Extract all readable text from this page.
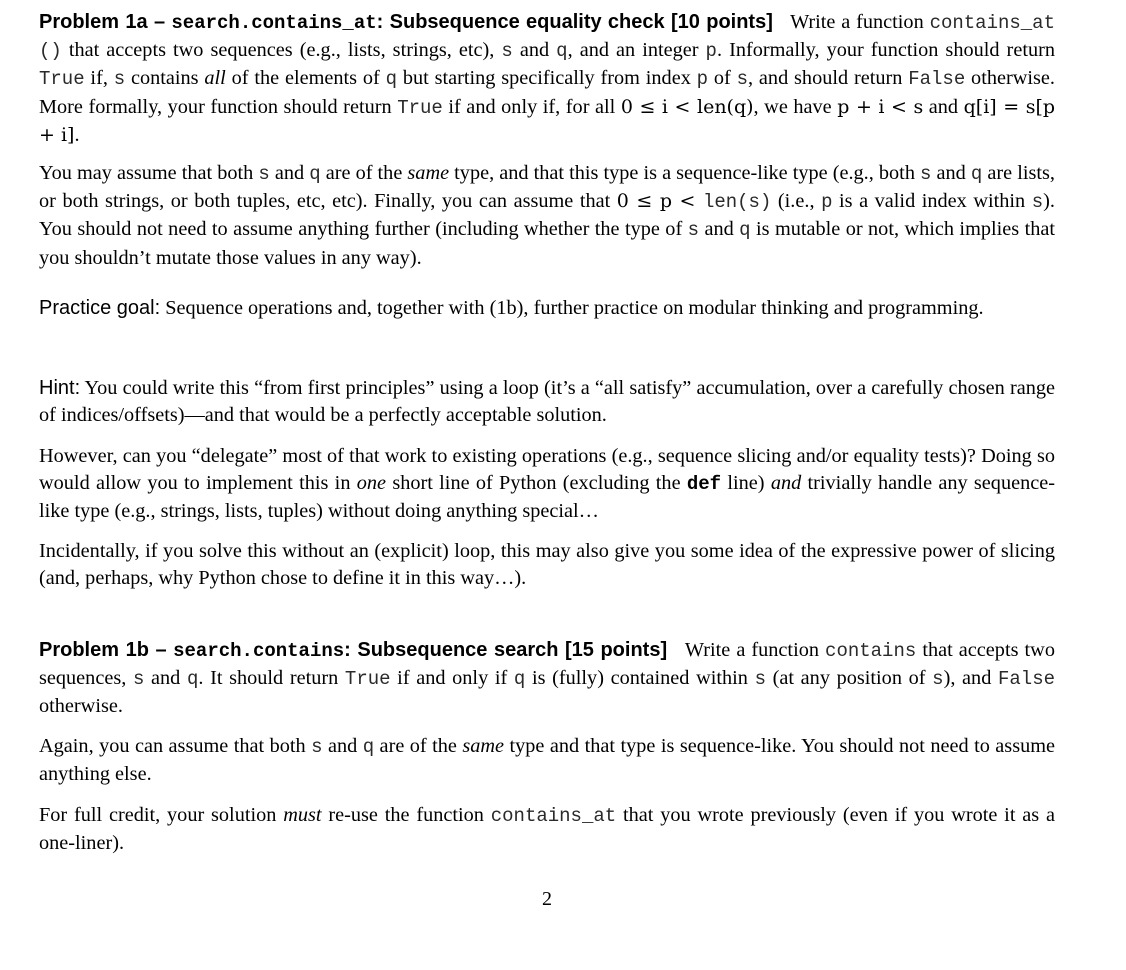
Problem 1a – search.contains_at: Subsequence equality check [10 points] Write a function contains_at () that accepts two sequences (e.g., lists, strings, etc), s and q, and an integer p. Informally, your function should return True if, s contains all of the elements of q but starting specifically from index p of s, and should return False otherwise. More formally, your function should return True if and only if, for all 0 ≤ i < len(q), we have p + i < s and q[i] = s[p + i].

You may assume that both s and q are of the same type, and that this type is a sequence-like type (e.g., both s and q are lists, or both strings, or both tuples, etc, etc). Finally, you can assume that 0 ≤ p < len(s) (i.e., p is a valid index within s). You should not need to assume anything further (including whether the type of s and q is mutable or not, which implies that you shouldn’t mutate those values in any way).

Practice goal: Sequence operations and, together with (1b), further practice on modular thinking and programming.

Hint: You could write this “from first principles” using a loop (it’s a “all satisfy” accumulation, over a carefully chosen range of indices/offsets)—and that would be a perfectly acceptable solution.

However, can you “delegate” most of that work to existing operations (e.g., sequence slicing and/or equality tests)? Doing so would allow you to implement this in one short line of Python (excluding the def line) and trivially handle any sequence-like type (e.g., strings, lists, tuples) without doing anything special…

Incidentally, if you solve this without an (explicit) loop, this may also give you some idea of the expressive power of slicing (and, perhaps, why Python chose to define it in this way…).

Problem 1b – search.contains: Subsequence search [15 points] Write a function contains that accepts two sequences, s and q. It should return True if and only if q is (fully) contained within s (at any position of s), and False otherwise.

Again, you can assume that both s and q are of the same type and that type is sequence-like. You should not need to assume anything else.

For full credit, your solution must re-use the function contains_at that you wrote previously (even if you wrote it as a one-liner).

2
